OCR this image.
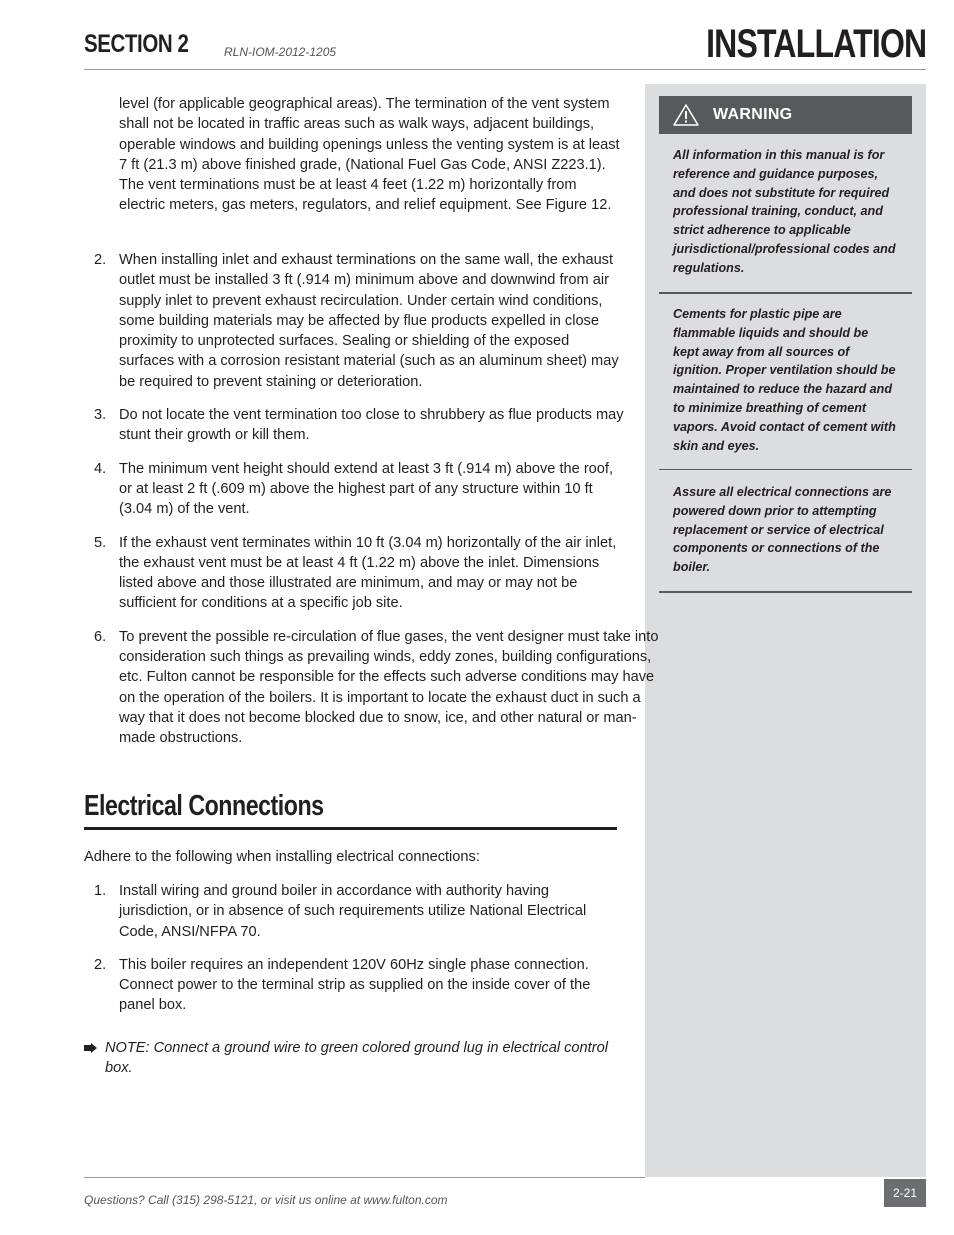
SECTION 2	RLN-IOM-2012-1205	INSTALLATION
WARNING
All information in this manual is for reference and guidance purposes, and does not substitute for required professional training, conduct, and strict adherence to applicable jurisdictional/professional codes and regulations.
Cements for plastic pipe are flammable liquids and should be kept away from all sources of ignition. Proper ventilation should be maintained to reduce the hazard and to minimize breathing of cement vapors. Avoid contact of cement with skin and eyes.
Assure all electrical connections are powered down prior to attempting replacement or service of electrical components or connections of the boiler.
level (for applicable geographical areas). The termination of the vent system shall not be located in traffic areas such as walk ways, adjacent buildings, operable windows and building openings unless the venting system is at least 7 ft (21.3 m) above finished grade, (National Fuel Gas Code, ANSI Z223.1). The vent terminations must be at least 4 feet (1.22 m) horizontally from electric meters, gas meters, regulators, and relief equipment. See Figure 12.
2. When installing inlet and exhaust terminations on the same wall, the exhaust outlet must be installed 3 ft (.914 m) minimum above and downwind from air supply inlet to prevent exhaust recirculation. Under certain wind conditions, some building materials may be affected by flue products expelled in close proximity to unprotected surfaces. Sealing or shielding of the exposed surfaces with a corrosion resistant material (such as an aluminum sheet) may be required to prevent staining or deterioration.
3. Do not locate the vent termination too close to shrubbery as flue products may stunt their growth or kill them.
4. The minimum vent height should extend at least 3 ft (.914 m) above the roof, or at least 2 ft (.609 m) above the highest part of any structure within 10 ft (3.04 m) of the vent.
5. If the exhaust vent terminates within 10 ft (3.04 m) horizontally of the air inlet, the exhaust vent must be at least 4 ft (1.22 m) above the inlet. Dimensions listed above and those illustrated are minimum, and may or may not be sufficient for conditions at a specific job site.
6. To prevent the possible re-circulation of flue gases, the vent designer must take into consideration such things as prevailing winds, eddy zones, building configurations, etc. Fulton cannot be responsible for the effects such adverse conditions may have on the operation of the boilers. It is important to locate the exhaust duct in such a way that it does not become blocked due to snow, ice, and other natural or man-made obstructions.
Electrical Connections
Adhere to the following when installing electrical connections:
1. Install wiring and ground boiler in accordance with authority having jurisdiction, or in absence of such requirements utilize National Electrical Code, ANSI/NFPA 70.
2. This boiler requires an independent 120V 60Hz single phase connection. Connect power to the terminal strip as supplied on the inside cover of the panel box.
NOTE: Connect a ground wire to green colored ground lug in electrical control box.
Questions? Call (315) 298-5121, or visit us online at www.fulton.com	2-21
